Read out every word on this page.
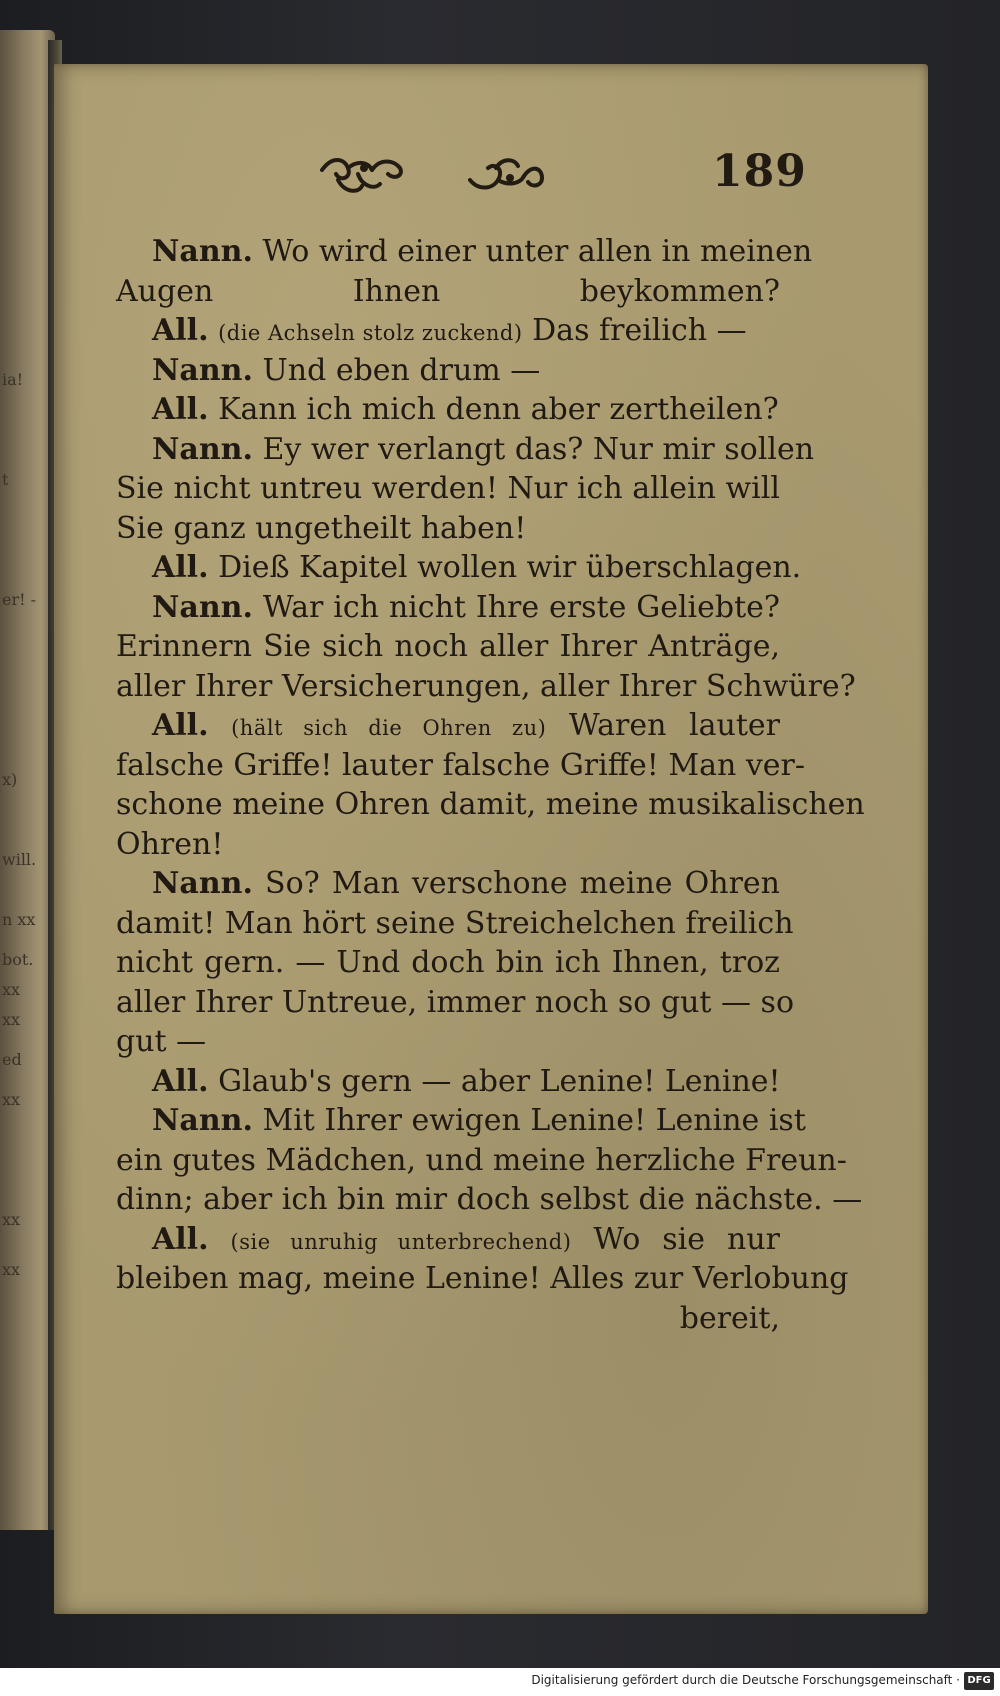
ia!
t
er! -
x)
will.
n xx
bot.
xx
xx
ed
xx
xx
xx
189
Nann. Wo wird einer unter allen in meinen
Augen Ihnen beykommen?
All. (die Achseln stolz zuckend) Das freilich —
Nann. Und eben drum —
All. Kann ich mich denn aber zertheilen?
Nann. Ey wer verlangt das? Nur mir sollen
Sie nicht untreu werden! Nur ich allein will
Sie ganz ungetheilt haben!
All. Dieß Kapitel wollen wir überschlagen.
Nann. War ich nicht Ihre erste Geliebte?
Erinnern Sie sich noch aller Ihrer Anträge,
aller Ihrer Versicherungen, aller Ihrer Schwüre?
All. (hält sich die Ohren zu) Waren lauter
falsche Griffe! lauter falsche Griffe! Man ver-
schone meine Ohren damit, meine musikalischen
Ohren!
Nann. So? Man verschone meine Ohren
damit! Man hört seine Streichelchen freilich
nicht gern. — Und doch bin ich Ihnen, troz
aller Ihrer Untreue, immer noch so gut — so
gut —
All. Glaub's gern — aber Lenine! Lenine!
Nann. Mit Ihrer ewigen Lenine! Lenine ist
ein gutes Mädchen, und meine herzliche Freun-
dinn; aber ich bin mir doch selbst die nächste. —
All. (sie unruhig unterbrechend) Wo sie nur
bleiben mag, meine Lenine! Alles zur Verlobung
bereit,
Digitalisierung gefördert durch die Deutsche Forschungsgemeinschaft · DFG
